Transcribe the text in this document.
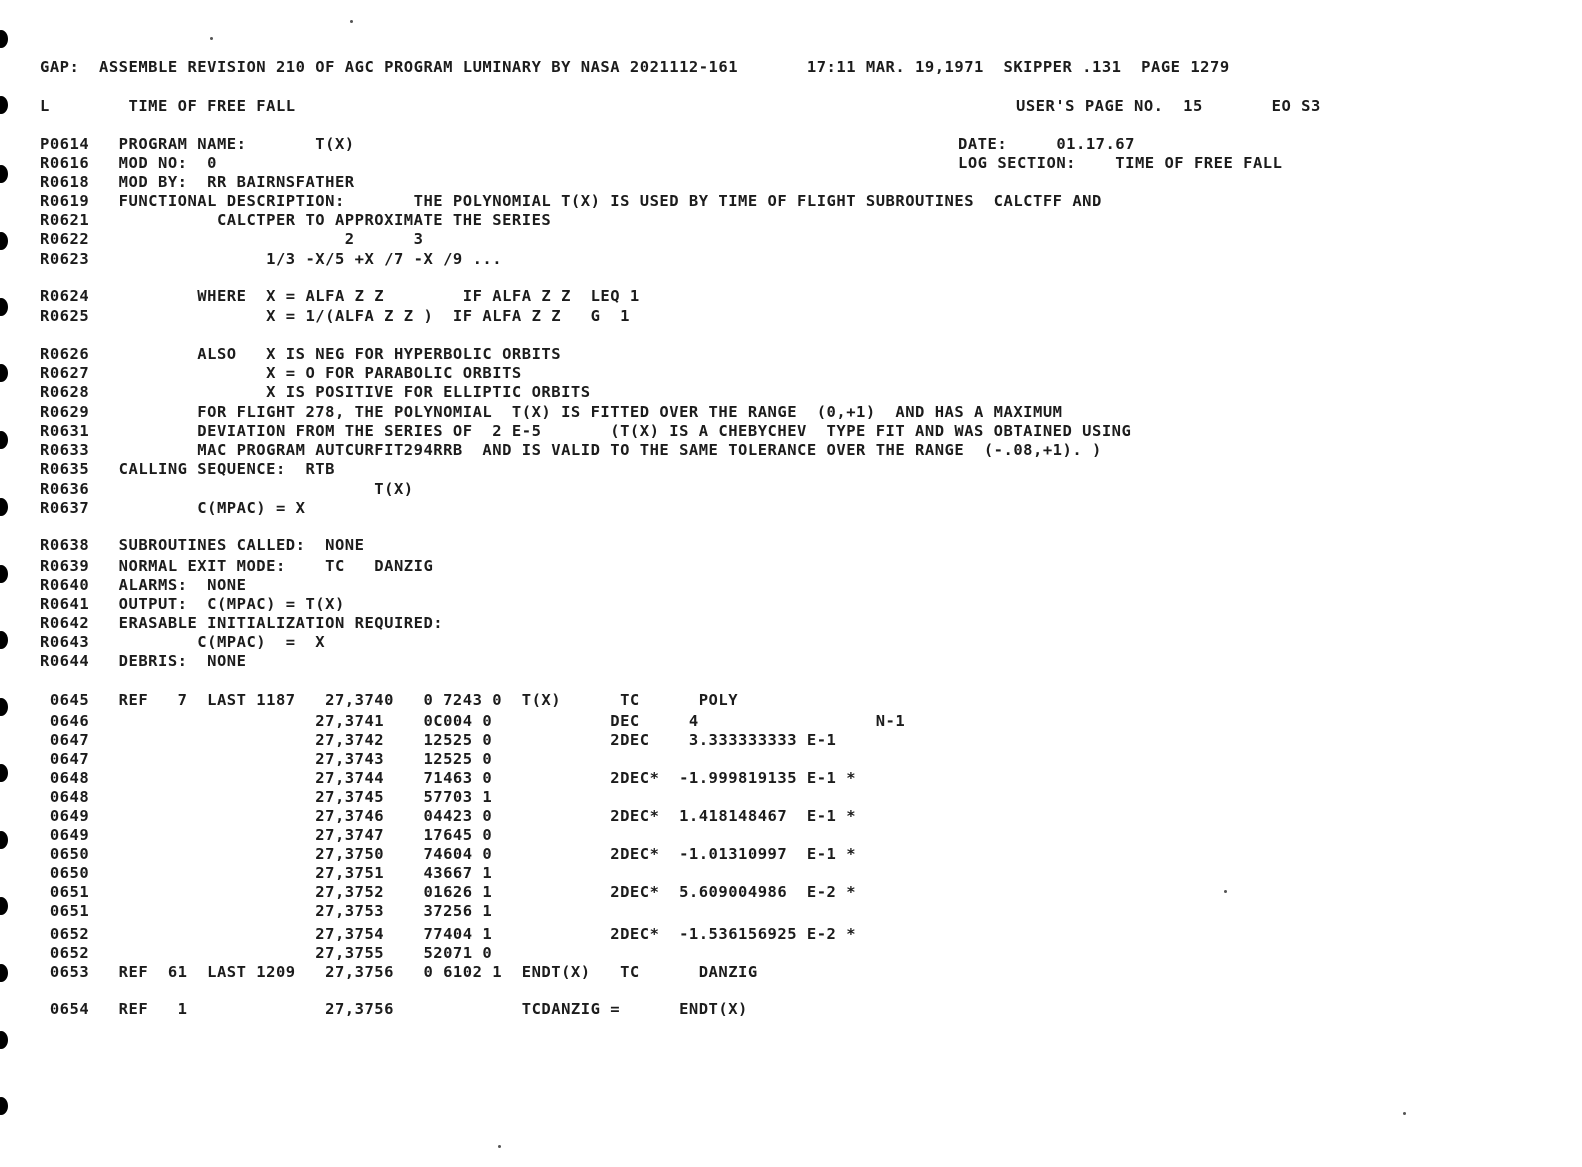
GAP:  ASSEMBLE REVISION 210 OF AGC PROGRAM LUMINARY BY NASA 2021112-161       17:11 MAR. 19,1971  SKIPPER .131  PAGE 1279
L        TIME OF FREE FALL	USER'S PAGE NO.  15       EO S3
P0614   PROGRAM NAME:       T(X)	DATE:     01.17.67
R0616   MOD NO:  0	LOG SECTION:    TIME OF FREE FALL
R0618   MOD BY:  RR BAIRNSFATHER
R0619   FUNCTIONAL DESCRIPTION:       THE POLYNOMIAL T(X) IS USED BY TIME OF FLIGHT SUBROUTINES  CALCTFF AND
R0621             CALCTPER TO APPROXIMATE THE SERIES
R0622                          2      3
R0623                  1/3 -X/5 +X /7 -X /9 ...
R0624           WHERE  X = ALFA Z Z        IF ALFA Z Z  LEQ 1
R0625                  X = 1/(ALFA Z Z )  IF ALFA Z Z   G  1
R0626           ALSO   X IS NEG FOR HYPERBOLIC ORBITS
R0627                  X = O FOR PARABOLIC ORBITS
R0628                  X IS POSITIVE FOR ELLIPTIC ORBITS
R0629           FOR FLIGHT 278, THE POLYNOMIAL  T(X) IS FITTED OVER THE RANGE  (0,+1)  AND HAS A MAXIMUM
R0631           DEVIATION FROM THE SERIES OF  2 E-5       (T(X) IS A CHEBYCHEV  TYPE FIT AND WAS OBTAINED USING
R0633           MAC PROGRAM AUTCURFIT294RRB  AND IS VALID TO THE SAME TOLERANCE OVER THE RANGE  (-.08,+1). )
R0635   CALLING SEQUENCE:  RTB
R0636                             T(X)
R0637           C(MPAC) = X
R0638   SUBROUTINES CALLED:  NONE
R0639   NORMAL EXIT MODE:    TC   DANZIG
R0640   ALARMS:  NONE
R0641   OUTPUT:  C(MPAC) = T(X)
R0642   ERASABLE INITIALIZATION REQUIRED:
R0643           C(MPAC)  =  X
R0644   DEBRIS:  NONE
0645   REF   7  LAST 1187   27,3740   0 7243 0  T(X)      TC      POLY
0646                       27,3741    0C004 0            DEC     4                  N-1
0647                       27,3742    12525 0            2DEC    3.333333333 E-1
0647                       27,3743    12525 0
0648                       27,3744    71463 0            2DEC*  -1.999819135 E-1 *
0648                       27,3745    57703 1
0649                       27,3746    04423 0            2DEC*  1.418148467  E-1 *
0649                       27,3747    17645 0
0650                       27,3750    74604 0            2DEC*  -1.01310997  E-1 *
0650                       27,3751    43667 1
0651                       27,3752    01626 1            2DEC*  5.609004986  E-2 *
0651                       27,3753    37256 1
0652                       27,3754    77404 1            2DEC*  -1.536156925 E-2 *
0652                       27,3755    52071 0
0653   REF  61  LAST 1209   27,3756   0 6102 1  ENDT(X)   TC      DANZIG
0654   REF   1              27,3756             TCDANZIG =      ENDT(X)
